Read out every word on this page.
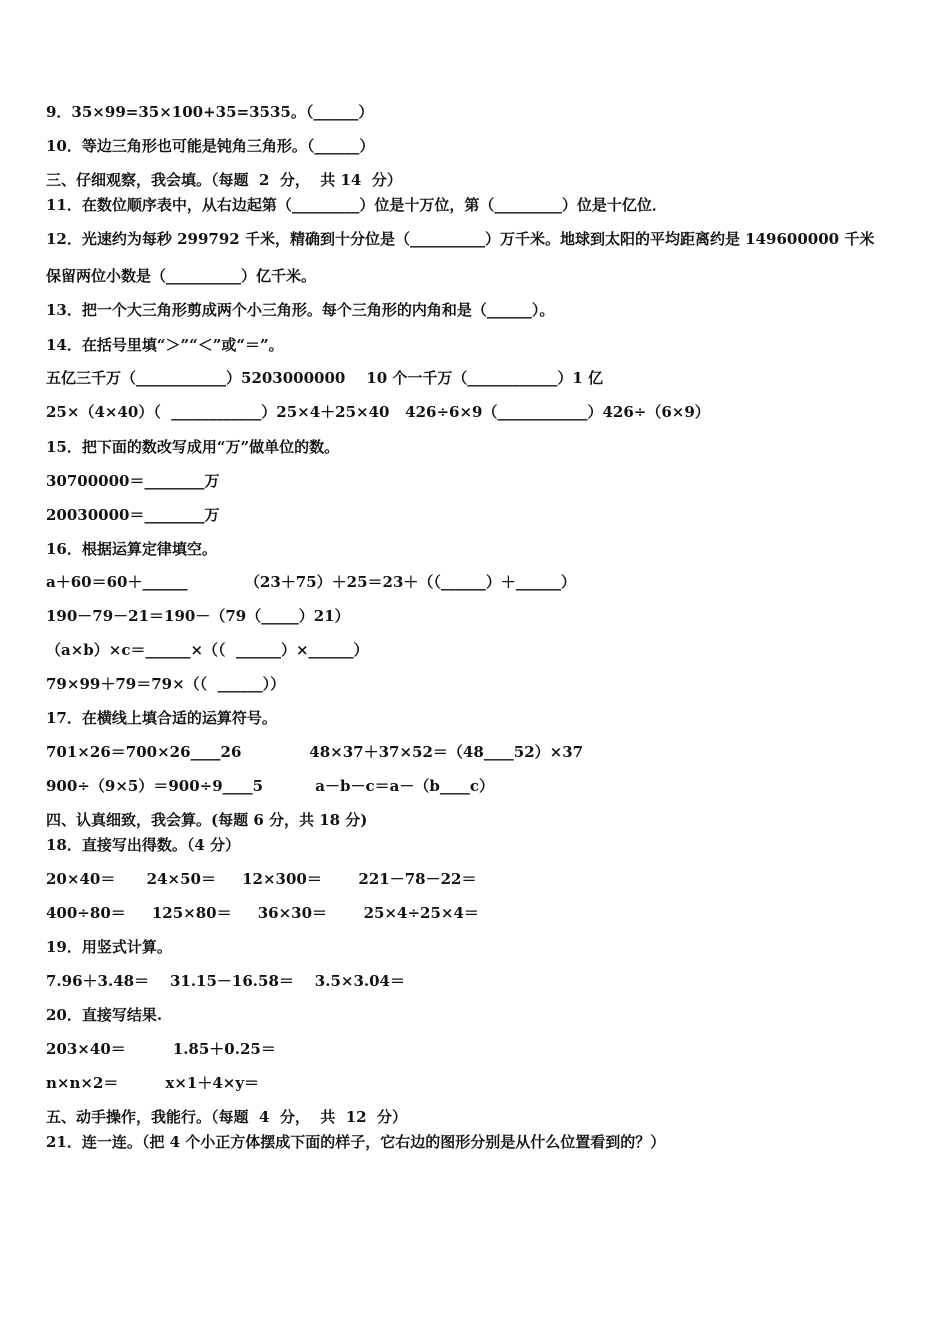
9．35×99=35×100+35=3535。（______）
10．等边三角形也可能是钝角三角形。（______）
三、仔细观察，我会填。（每题  2  分，  共 14  分）
11．在数位顺序表中，从右边起第（_________）位是十万位，第（_________）位是十亿位．
12．光速约为每秒 299792 千米，精确到十分位是（__________）万千米。地球到太阳的平均距离约是 149600000 千米
保留两位小数是（__________）亿千米。
13．把一个大三角形剪成两个小三角形。每个三角形的内角和是（______）。
14．在括号里填“＞”“＜”或“＝”。
五亿三千万（____________）5203000000    10 个一千万（____________）1 亿
25×（4×40）（  ____________）25×4＋25×40   426÷6×9（____________）426÷（6×9）
15．把下面的数改写成用“万”做单位的数。
30700000＝________万
20030000＝________万
16．根据运算定律填空。
a＋60＝60＋______           （23＋75）＋25＝23＋（（______）＋______）
190－79－21＝190－（79（_____）21）
（a×b）×c＝______×（（  ______）×______）
79×99＋79＝79×（（  ______））
17．在横线上填合适的运算符号。
701×26＝700×26____26             48×37＋37×52＝（48____52）×37
900÷（9×5）＝900÷9____5          a－b－c＝a－（b____c）
四、认真细致，我会算。(每题 6 分，共 18 分)
18．直接写出得数。（4 分）
20×40＝      24×50＝     12×300＝       221－78－22＝
400÷80＝     125×80＝     36×30＝       25×4÷25×4＝
19．用竖式计算。
7.96＋3.48＝    31.15－16.58＝    3.5×3.04＝
20．直接写结果.
203×40＝         1.85＋0.25＝
n×n×2＝         x×1＋4×y＝
五、动手操作，我能行。（每题  4  分，  共  12  分）
21．连一连。（把 4 个小正方体摆成下面的样子，它右边的图形分别是从什么位置看到的？）
